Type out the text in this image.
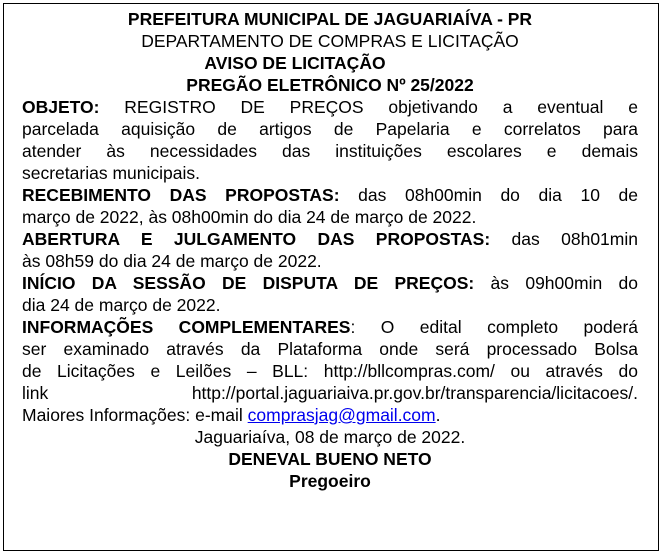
PREFEITURA MUNICIPAL DE JAGUARIAÍVA - PR
DEPARTAMENTO DE COMPRAS E LICITAÇÃO
AVISO DE LICITAÇÃO
PREGÃO ELETRÔNICO Nº 25/2022
OBJETO: REGISTRO DE PREÇOS objetivando a eventual e
parcelada aquisição de artigos de Papelaria e correlatos para
atender às necessidades das instituições escolares e demais
secretarias municipais.
RECEBIMENTO DAS PROPOSTAS: das 08h00min do dia 10 de
março de 2022, às 08h00min do dia 24 de março de 2022.
ABERTURA E JULGAMENTO DAS PROPOSTAS: das 08h01min
às 08h59 do dia 24 de março de 2022.
INÍCIO DA SESSÃO DE DISPUTA DE PREÇOS: às 09h00min do
dia 24 de março de 2022.
INFORMAÇÕES COMPLEMENTARES: O edital completo poderá
ser examinado através da Plataforma onde será processado Bolsa
de Licitações e Leilões – BLL: http://bllcompras.com/ ou através do
link	http://portal.jaguariaiva.pr.gov.br/transparencia/licitacoes/.
Maiores Informações: e-mail comprasjag@gmail.com.
Jaguariaíva, 08 de março de 2022.
DENEVAL BUENO NETO
Pregoeiro
